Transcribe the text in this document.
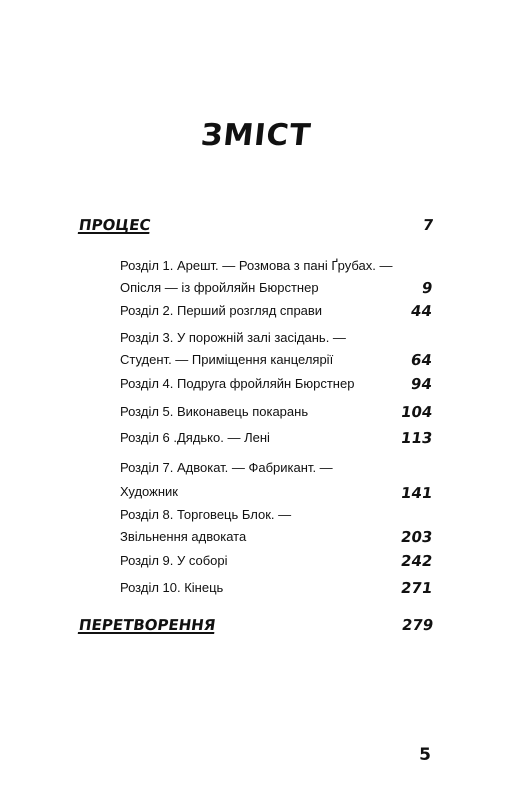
ЗМІСТ
ПРОЦЕС	7
Розділ 1. Арешт. — Розмова з пані Ґрубах. — Опісля — із фройляйн Бюрстнер	9
Розділ 2. Перший розгляд справи	44
Розділ 3. У порожній залі засідань. — Студент. — Приміщення канцелярії	64
Розділ 4. Подруга фройляйн Бюрстнер	94
Розділ 5. Виконавець покарань	104
Розділ 6 .Дядько. — Лені	113
Розділ 7. Адвокат. — Фабрикант. — Художник	141
Розділ 8. Торговець Блок. — Звільнення адвоката	203
Розділ 9. У соборі	242
Розділ 10. Кінець	271
ПЕРЕТВОРЕННЯ	279
5
